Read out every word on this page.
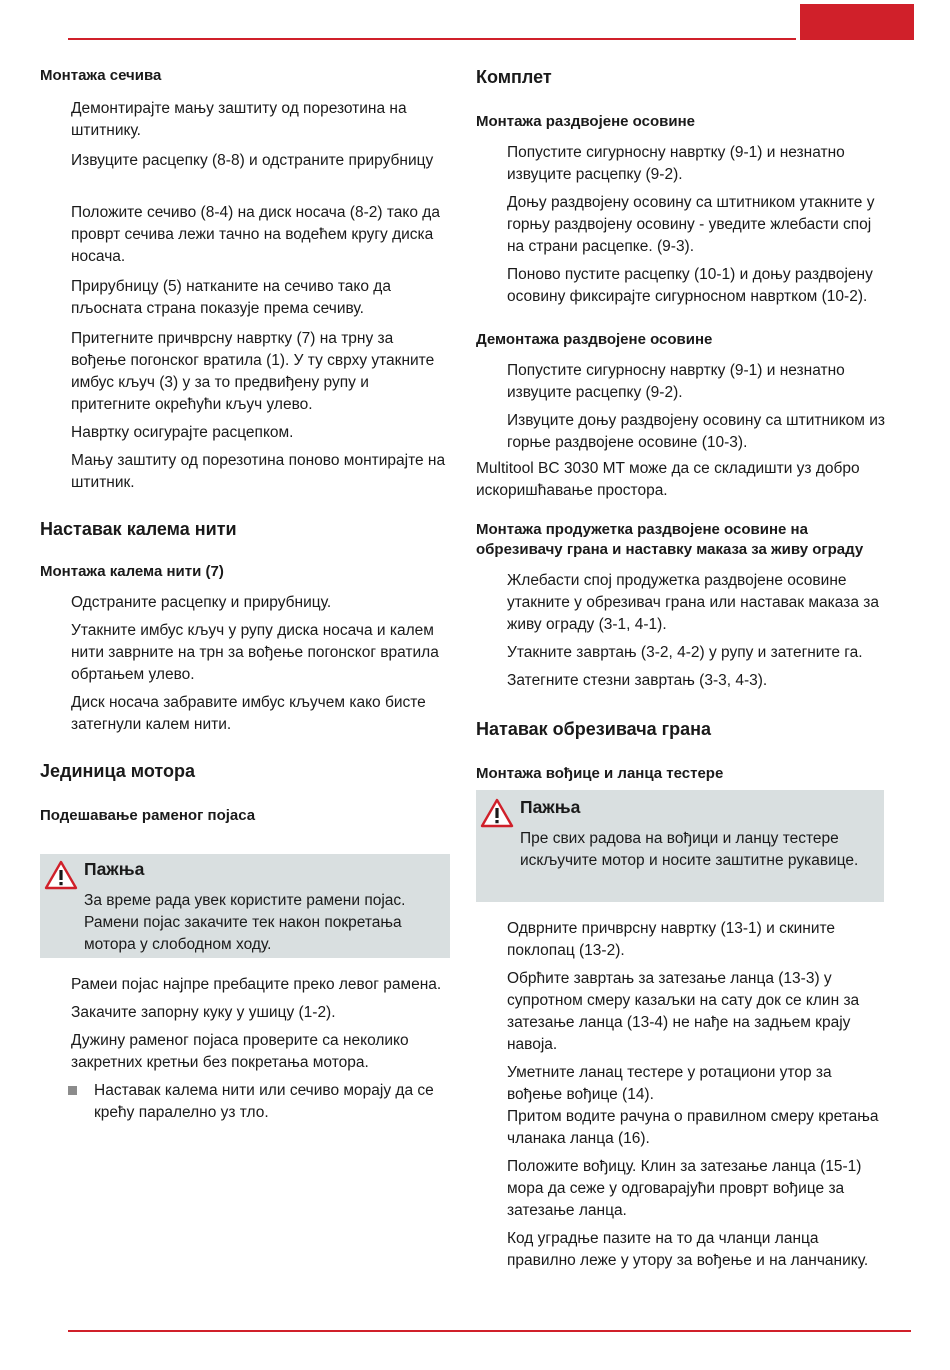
Монтажа сечива
Демонтирајте мању заштиту од порезотина на штитнику.
Извуците расцепку (8-8) и одстраните прирубницу
Положите сечиво (8-4) на диск носача (8-2) тако да проврт сечива лежи тачно на водећем кругу диска носача.
Прирубницу (5) натканите на сечиво тако да пљосната страна показује према сечиву.
Притегните причврсну навртку (7) на трну за вођење погонског вратила (1). У ту сврху утакните имбус кључ (3) у за то предвиђену рупу и притегните окрећући кључ улево.
Навртку осигурајте расцепком.
Мању заштиту од порезотина поново монтирајте на штитник.
Наставак калема нити
Монтажа калема нити (7)
Одстраните расцепку и прирубницу.
Утакните имбус кључ у рупу диска носача и калем нити заврните на трн за вођење погонског вратила обртањем улево.
Диск носача забравите имбус кључем како бисте затегнули калем нити.
Јединица мотора
Подешавање раменог појаса
Пажња
За време рада увек користите рамени појас. Рамени појас закачите тек након покретања мотора у слободном ходу.
Рамеи појас најпре пребаците преко левог рамена.
Закачите запорну куку у ушицу (1-2).
Дужину раменог појаса проверите са неколико закретних кретњи без покретања мотора.
Наставак калема нити или сечиво морају да се крећу паралелно уз тло.
Комплет
Монтажа раздвојене осовине
Попустите сигурносну навртку (9-1) и незнатно извуците расцепку (9-2).
Доњу раздвојену осовину са штитником утакните у горњу раздвојену осовину - уведите жлебасти спој на страни расцепке. (9-3).
Поново пустите расцепку (10-1) и доњу раздвојену осовину фиксирајте сигурносном навртком (10-2).
Демонтажа раздвојене осовине
Попустите сигурносну навртку (9-1) и незнатно извуците расцепку (9-2).
Извуците доњу раздвојену осовину са штитником из горње раздвојене осовине (10-3).
Multitool BC 3030 MT може да се складишти уз добро искоришћавање простора.
Монтажа продужетка раздвојене осовине на обрезивачу грана и наставку маказа за живу ограду
Жлебасти спој продужетка раздвојене осовине утакните у обрезивач грана или наставак маказа за живу ограду (3-1, 4-1).
Утакните завртањ (3-2, 4-2) у рупу и затегните га.
Затегните стезни завртањ (3-3, 4-3).
Натавак обрезивача грана
Монтажа вођице и ланца тестере
Пажња
Пре свих радова на вођици и ланцу тестере искључите мотор и носите заштитне рукавице.
Одврните причврсну навртку (13-1) и скините поклопац (13-2).
Обрћите завртањ за затезање ланца (13-3) у супротном смеру казаљки на сату док се клин за затезање ланца (13-4) не нађе на задњем крају навоја.
Уметните ланац тестере у ротациони утор за вођење вођице (14).
Притом водите рачуна о правилном смеру кретања чланака ланца (16).
Положите вођицу. Клин за затезање ланца (15-1) мора да сеже у одговарајући проврт вођице за затезање ланца.
Код уградње пазите на то да чланци ланца правилно леже у утору за вођење и на ланчанику.
